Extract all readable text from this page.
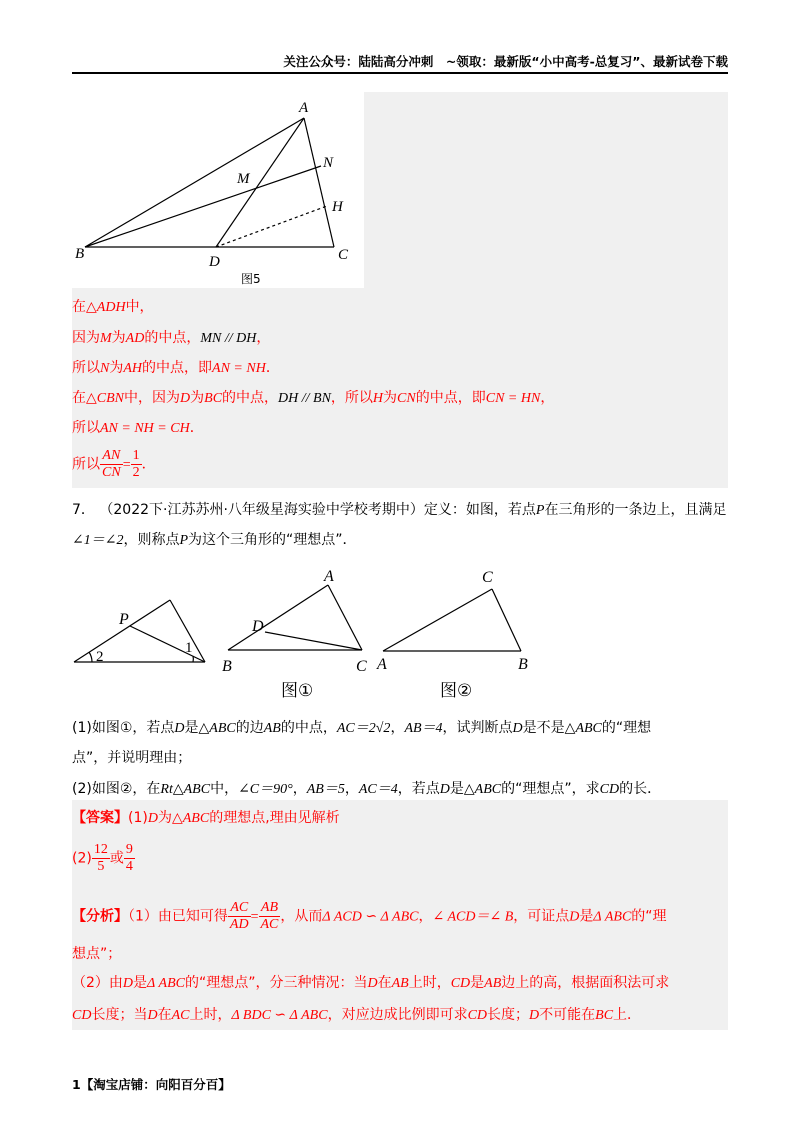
关注公众号：陆陆高分冲刺　~领取：最新版“小中高考-总复习”、最新试卷下载
A
B	C
D
M
N
H
图5
在△ADH中，
因为M为AD的中点，MN // DH，
所以N为AH的中点，即AN = NH．
在△CBN中，因为D为BC的中点，DH // BN，所以H为CN的中点，即CN = HN，
所以AN = NH = CH．
所以 $\frac{AN}{CN} = \frac{1}{2}$ ．
7． （2022下·江苏苏州·八年级星海实验中学校考期中）定义：如图，若点P在三角形的一条边上，且满足
∠1＝∠2，则称点P为这个三角形的“理想点”．
P
1
2
A
B	C
D
图①
C
A	B
图②
(1)如图①，若点D是△ABC的边AB的中点，AC＝2√2，AB＝4，试判断点D是不是△ABC的“理想
点”，并说明理由；
(2)如图②，在Rt△ABC中，∠C＝90°，AB＝5，AC＝4，若点D是△ABC的“理想点”，求CD的长．
【答案】(1)D为△ABC的理想点,理由见解析
$(2) \frac{12}{5}$ 或 $\frac{9}{4}$
【分析】（1）由已知可得 $\frac{AC}{AD} = \frac{AB}{AC}$ ，从而Δ ACD ∽ Δ ABC，∠ ACD＝∠ B，可证点D是Δ ABC的“理
想点”；
（2）由D是Δ ABC的“理想点”，分三种情况：当D在AB上时，CD是AB边上的高，根据面积法可求
CD长度；当D在AC上时，Δ BDC ∽ Δ ABC，对应边成比例即可求CD长度；D不可能在BC上．
1【淘宝店铺：向阳百分百】
